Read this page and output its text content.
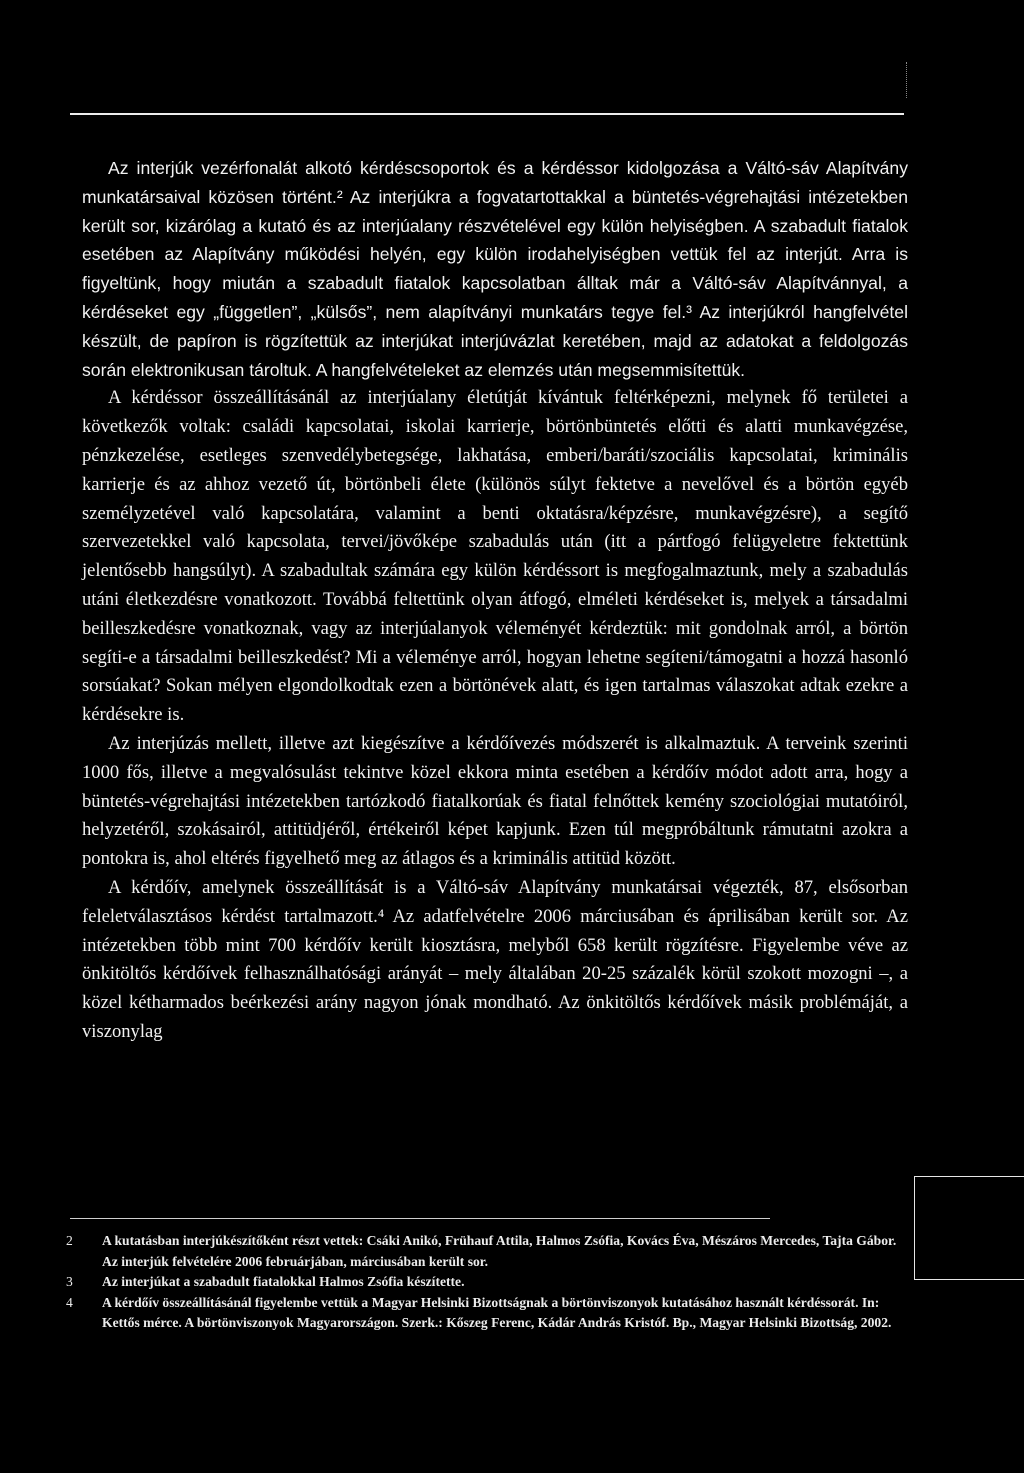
Az interjúk vezérfonalát alkotó kérdéscsoportok és a kérdéssor kidolgozása a Váltó-sáv Alapítvány munkatársaival közösen történt.² Az interjúkra a fogvatartottakkal a büntetés-végrehajtási intézetekben került sor, kizárólag a kutató és az interjúalany részvételével egy külön helyiségben. A szabadult fiatalok esetében az Alapítvány működési helyén, egy külön irodahelyiségben vettük fel az interjút. Arra is figyeltünk, hogy miután a szabadult fiatalok kapcsolatban álltak már a Váltó-sáv Alapítvánnyal, a kérdéseket egy „független”, „külsős”, nem alapítványi munkatárs tegye fel.³ Az interjúkról hangfelvétel készült, de papíron is rögzítettük az interjúkat interjúvázlat keretében, majd az adatokat a feldolgozás során elektronikusan tároltuk. A hangfelvételeket az elemzés után megsemmisítettük.

A kérdéssor összeállításánál az interjúalany életútját kívántuk feltérképezni, melynek fő területei a következők voltak: családi kapcsolatai, iskolai karrierje, börtönbüntetés előtti és alatti munkavégzése, pénzkezelése, esetleges szenvedélybetegsége, lakhatása, emberi/baráti/szociális kapcsolatai, kriminális karrierje és az ahhoz vezető út, börtönbeli élete (különös súlyt fektetve a nevelővel és a börtön egyéb személyzetével való kapcsolatára, valamint a benti oktatásra/képzésre, munkavégzésre), a segítő szervezetekkel való kapcsolata, tervei/jövőképe szabadulás után (itt a pártfogó felügyeletre fektettünk jelentősebb hangsúlyt). A szabadultak számára egy külön kérdéssort is megfogalmaztunk, mely a szabadulás utáni életkezdésre vonatkozott. Továbbá feltettünk olyan átfogó, elméleti kérdéseket is, melyek a társadalmi beilleszkedésre vonatkoznak, vagy az interjúalanyok véleményét kérdeztük: mit gondolnak arról, a börtön segíti-e a társadalmi beilleszkedést? Mi a véleménye arról, hogyan lehetne segíteni/támogatni a hozzá hasonló sorsúakat? Sokan mélyen elgondolkodtak ezen a börtönévek alatt, és igen tartalmas válaszokat adtak ezekre a kérdésekre is.

Az interjúzás mellett, illetve azt kiegészítve a kérdőívezés módszerét is alkalmaztuk. A terveink szerinti 1000 fős, illetve a megvalósulást tekintve közel ekkora minta esetében a kérdőív módot adott arra, hogy a büntetés-végrehajtási intézetekben tartózkodó fiatalkorúak és fiatal felnőttek kemény szociológiai mutatóiról, helyzetéről, szokásairól, attitüdjéről, értékeiről képet kapjunk. Ezen túl megpróbáltunk rámutatni azokra a pontokra is, ahol eltérés figyelhető meg az átlagos és a kriminális attitüd között.

A kérdőív, amelynek összeállítását is a Váltó-sáv Alapítvány munkatársai végezték, 87, elsősorban feleletválasztásos kérdést tartalmazott.⁴ Az adatfelvételre 2006 márciusában és áprilisában került sor. Az intézetekben több mint 700 kérdőív került kiosztásra, melyből 658 került rögzítésre. Figyelembe véve az önkitöltős kérdőívek felhasználhatósági arányát – mely általában 20-25 százalék körül szokott mozogni –, a közel kétharmados beérkezési arány nagyon jónak mondható. Az önkitöltős kérdőívek másik problémáját, a viszonylag

2 A kutatásban interjúkészítőként részt vettek: Csáki Anikó, Frühauf Attila, Halmos Zsófia, Kovács Éva, Mészáros Mercedes, Tajta Gábor. Az interjúk felvételére 2006 februárjában, márciusában került sor.

3 Az interjúkat a szabadult fiatalokkal Halmos Zsófia készítette.

4 A kérdőív összeállításánál figyelembe vettük a Magyar Helsinki Bizottságnak a börtönviszonyok kutatásához használt kérdéssorát. In: Kettős mérce. A börtönviszonyok Magyarországon. Szerk.: Kőszeg Ferenc, Kádár András Kristóf. Bp., Magyar Helsinki Bizottság, 2002.
